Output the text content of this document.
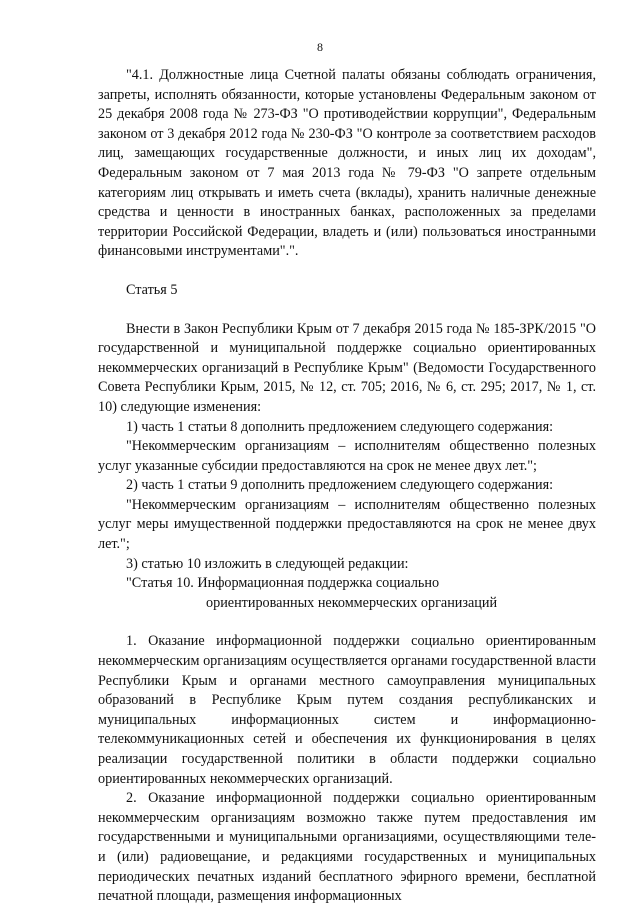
8

"4.1. Должностные лица Счетной палаты обязаны соблюдать ограничения, запреты, исполнять обязанности, которые установлены Федеральным законом от 25 декабря 2008 года № 273-ФЗ "О противодействии коррупции", Федеральным законом от 3 декабря 2012 года № 230-ФЗ "О контроле за соответствием расходов лиц, замещающих государственные должности, и иных лиц их доходам", Федеральным законом от 7 мая 2013 года № 79-ФЗ "О запрете отдельным категориям лиц открывать и иметь счета (вклады), хранить наличные денежные средства и ценности в иностранных банках, расположенных за пределами территории Российской Федерации, владеть и (или) пользоваться иностранными финансовыми инструментами".".

Статья 5

Внести в Закон Республики Крым от 7 декабря 2015 года № 185-ЗРК/2015 "О государственной и муниципальной поддержке социально ориентированных некоммерческих организаций в Республике Крым" (Ведомости Государственного Совета Республики Крым, 2015, № 12, ст. 705; 2016, № 6, ст. 295; 2017, № 1, ст. 10) следующие изменения:

1) часть 1 статьи 8 дополнить предложением следующего содержания:

"Некоммерческим организациям – исполнителям общественно полезных услуг указанные субсидии предоставляются на срок не менее двух лет.";

2) часть 1 статьи 9 дополнить предложением следующего содержания:

"Некоммерческим организациям – исполнителям общественно полезных услуг меры имущественной поддержки предоставляются на срок не менее двух лет.";

3) статью 10 изложить в следующей редакции:

"Статья 10. Информационная поддержка социально

ориентированных некоммерческих организаций

1. Оказание информационной поддержки социально ориентированным некоммерческим организациям осуществляется органами государственной власти Республики Крым и органами местного самоуправления муниципальных образований в Республике Крым путем создания республиканских и муниципальных информационных систем и информационно-телекоммуникационных сетей и обеспечения их функционирования в целях реализации государственной политики в области поддержки социально ориентированных некоммерческих организаций.

2. Оказание информационной поддержки социально ориентированным некоммерческим организациям возможно также путем предоставления им государственными и муниципальными организациями, осуществляющими теле- и (или) радиовещание, и редакциями государственных и муниципальных периодических печатных изданий бесплатного эфирного времени, бесплатной печатной площади, размещения информационных
